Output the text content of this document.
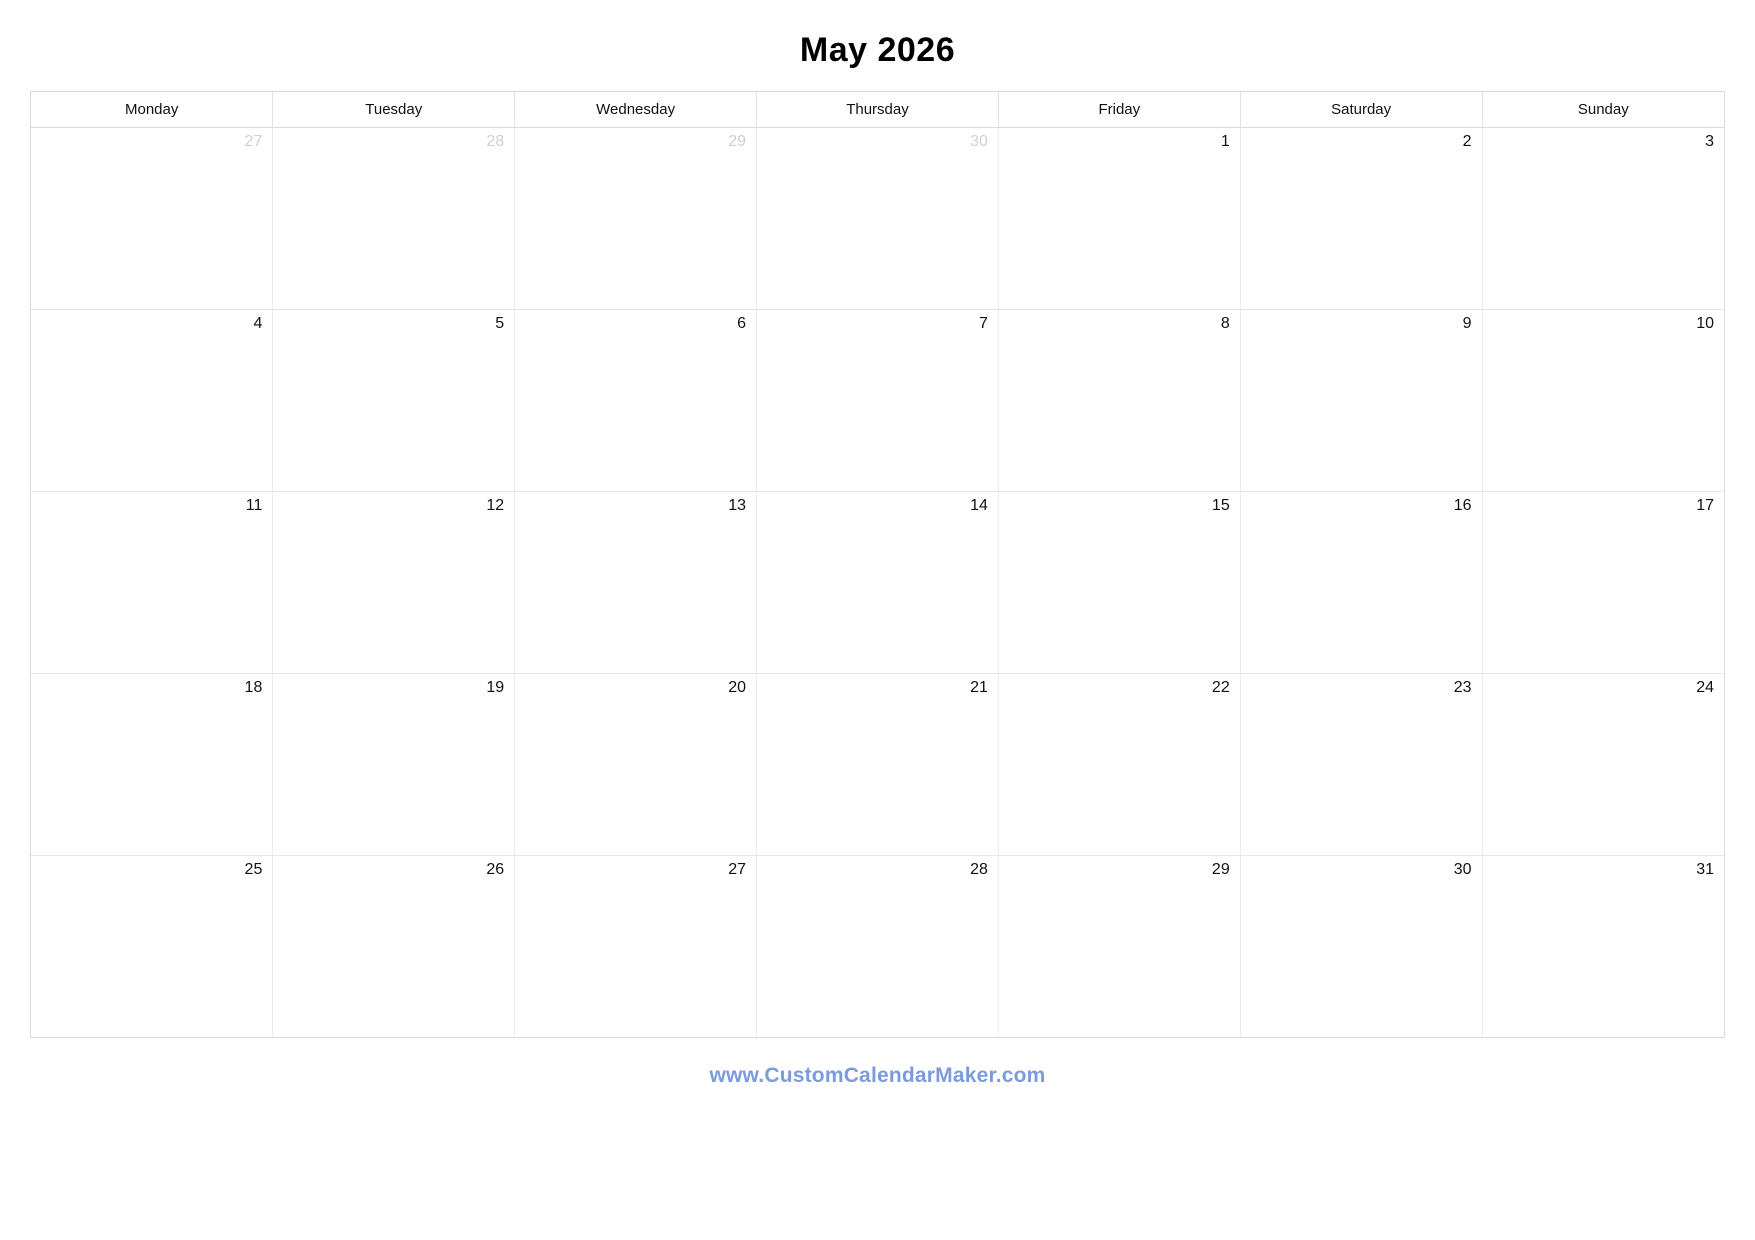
May 2026
Monday	Tuesday	Wednesday	Thursday	Friday	Saturday	Sunday

27	28	29	30	1	2	3

4	5	6	7	8	9	10

11	12	13	14	15	16	17

18	19	20	21	22	23	24

25	26	27	28	29	30	31
www.CustomCalendarMaker.com
